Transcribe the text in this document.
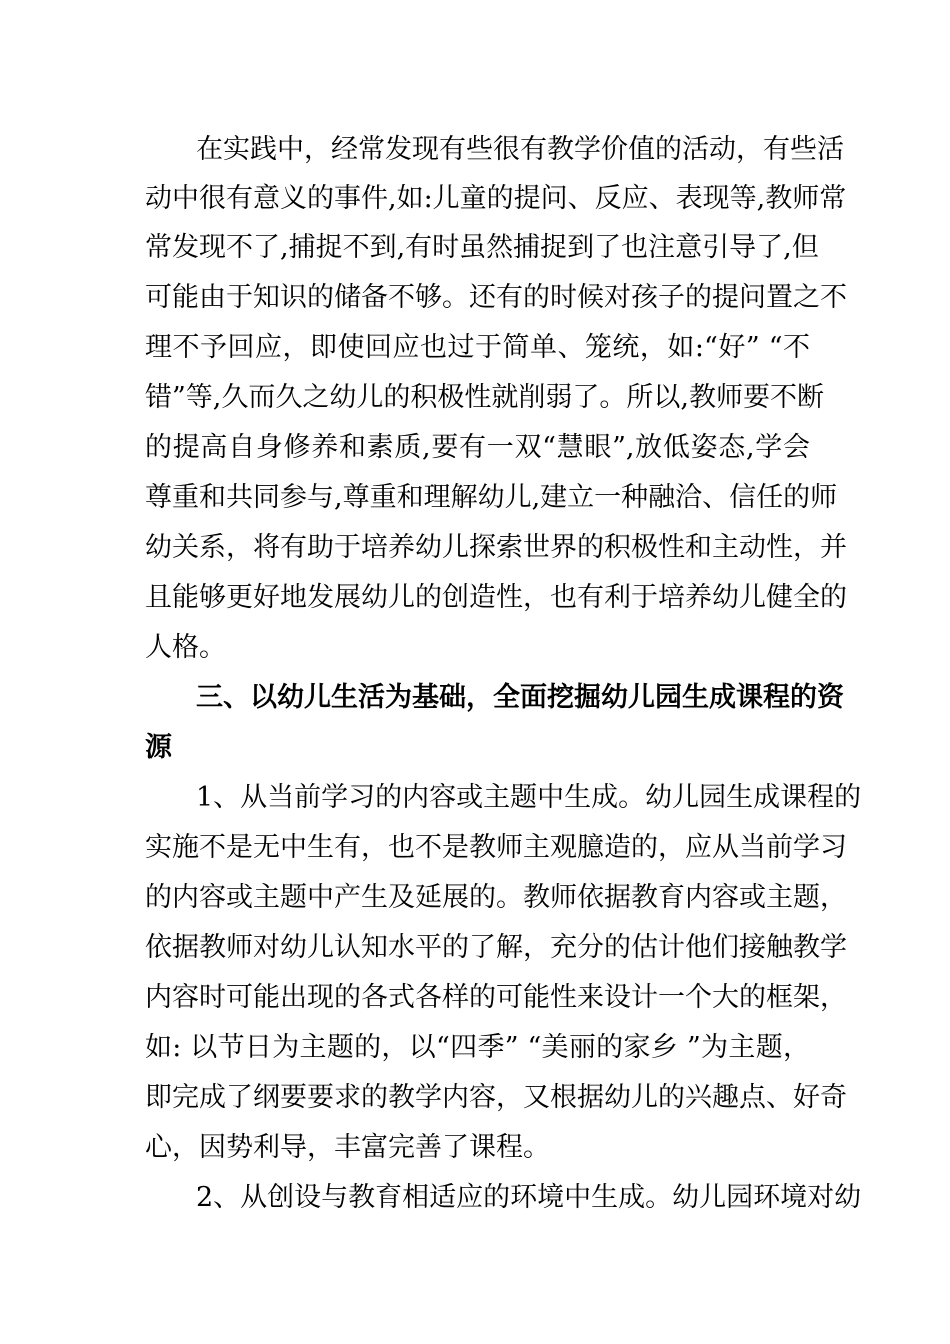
在实践中，经常发现有些很有教学价值的活动，有些活
动中很有意义的事件,如:儿童的提问、反应、表现等,教师常
常发现不了,捕捉不到,有时虽然捕捉到了也注意引导了,但
可能由于知识的储备不够。还有的时候对孩子的提问置之不
理不予回应，即使回应也过于简单、笼统，如:“好” “不
错”等,久而久之幼儿的积极性就削弱了。所以,教师要不断
的提高自身修养和素质,要有一双“慧眼”,放低姿态,学会
尊重和共同参与,尊重和理解幼儿,建立一种融洽、信任的师
幼关系，将有助于培养幼儿探索世界的积极性和主动性，并
且能够更好地发展幼儿的创造性，也有利于培养幼儿健全的
人格。
三、以幼儿生活为基础，全面挖掘幼儿园生成课程的资
源
1、从当前学习的内容或主题中生成。幼儿园生成课程的
实施不是无中生有，也不是教师主观臆造的，应从当前学习
的内容或主题中产生及延展的。教师依据教育内容或主题，
依据教师对幼儿认知水平的了解，充分的估计他们接触教学
内容时可能出现的各式各样的可能性来设计一个大的框架，
如: 以节日为主题的，以“四季” “美丽的家乡 ”为主题，
即完成了纲要要求的教学内容，又根据幼儿的兴趣点、好奇
心，因势利导，丰富完善了课程。
2、从创设与教育相适应的环境中生成。幼儿园环境对幼
